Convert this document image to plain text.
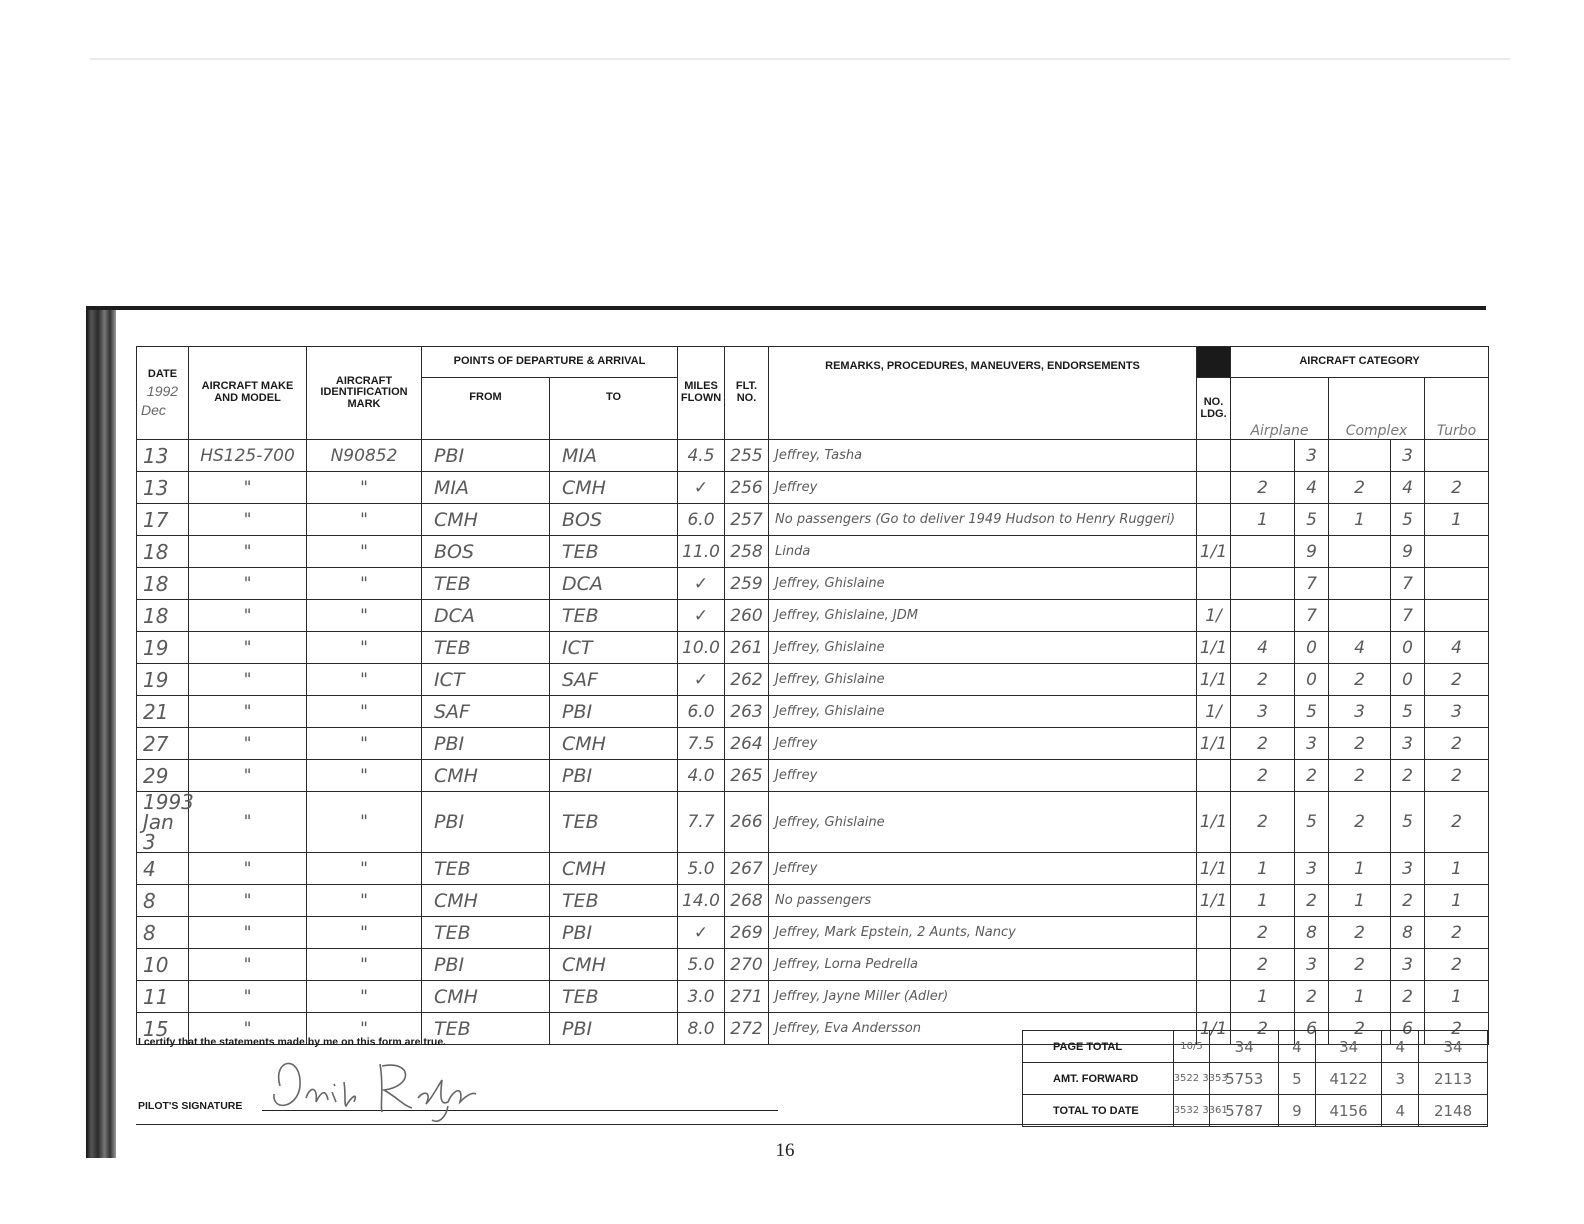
DATE
1992
Dec	AIRCRAFT MAKE AND MODEL	AIRCRAFT IDENTIFICATION MARK	POINTS OF DEPARTURE & ARRIVAL		MILES FLOWN	FLT. NO.	REMARKS, PROCEDURES, MANEUVERS, ENDORSEMENTS		AIRCRAFT CATEGORY				
			FROM	TO				NO. LDG.	Airplane		Complex		Turbo
13	HS125-700	N90852	PBI	MIA	4.5	255	Jeffrey, Tasha			3		3	
13	"	"	MIA	CMH	✓	256	Jeffrey		2	4	2	4	2
17	"	"	CMH	BOS	6.0	257	No passengers (Go to deliver 1949 Hudson to Henry Ruggeri)		1	5	1	5	1
18	"	"	BOS	TEB	11.0	258	Linda	1/1		9		9	
18	"	"	TEB	DCA	✓	259	Jeffrey, Ghislaine			7		7	
18	"	"	DCA	TEB	✓	260	Jeffrey, Ghislaine, JDM	1/		7		7	
19	"	"	TEB	ICT	10.0	261	Jeffrey, Ghislaine	1/1	4	0	4	0	4
19	"	"	ICT	SAF	✓	262	Jeffrey, Ghislaine	1/1	2	0	2	0	2
21	"	"	SAF	PBI	6.0	263	Jeffrey, Ghislaine	1/	3	5	3	5	3
27	"	"	PBI	CMH	7.5	264	Jeffrey	1/1	2	3	2	3	2
29	"	"	CMH	PBI	4.0	265	Jeffrey		2	2	2	2	2
1993 Jan 3	"	"	PBI	TEB	7.7	266	Jeffrey, Ghislaine	1/1	2	5	2	5	2
4	"	"	TEB	CMH	5.0	267	Jeffrey	1/1	1	3	1	3	1
8	"	"	CMH	TEB	14.0	268	No passengers	1/1	1	2	1	2	1
8	"	"	TEB	PBI	✓	269	Jeffrey, Mark Epstein, 2 Aunts, Nancy		2	8	2	8	2
10	"	"	PBI	CMH	5.0	270	Jeffrey, Lorna Pedrella		2	3	2	3	2
11	"	"	CMH	TEB	3.0	271	Jeffrey, Jayne Miller (Adler)		1	2	1	2	1
15	"	"	TEB	PBI	8.0	272	Jeffrey, Eva Andersson	1/1	2	6	2	6	2
I certify that the statements made by me on this form are true.
PILOT'S SIGNATURE
PAGE TOTAL	10/5	34	4	34	4	34
AMT. FORWARD	3522 3353	5753	5	4122	3	2113
TOTAL TO DATE	3532 3361	5787	9	4156	4	2148
16
